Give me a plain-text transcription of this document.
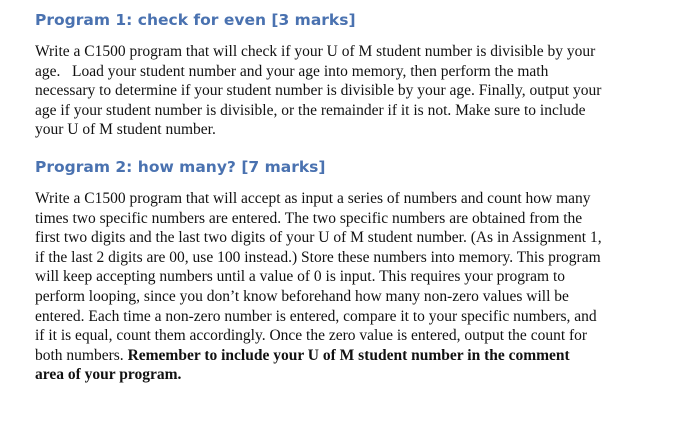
Program 1: check for even [3 marks]

Write a C1500 program that will check if your U of M student number is divisible by your
age.   Load your student number and your age into memory, then perform the math
necessary to determine if your student number is divisible by your age. Finally, output your
age if your student number is divisible, or the remainder if it is not. Make sure to include
your U of M student number.

Program 2: how many? [7 marks]

Write a C1500 program that will accept as input a series of numbers and count how many
times two specific numbers are entered. The two specific numbers are obtained from the
first two digits and the last two digits of your U of M student number. (As in Assignment 1,
if the last 2 digits are 00, use 100 instead.) Store these numbers into memory. This program
will keep accepting numbers until a value of 0 is input. This requires your program to
perform looping, since you don’t know beforehand how many non-zero values will be
entered. Each time a non-zero number is entered, compare it to your specific numbers, and
if it is equal, count them accordingly. Once the zero value is entered, output the count for
both numbers. Remember to include your U of M student number in the comment
area of your program.
